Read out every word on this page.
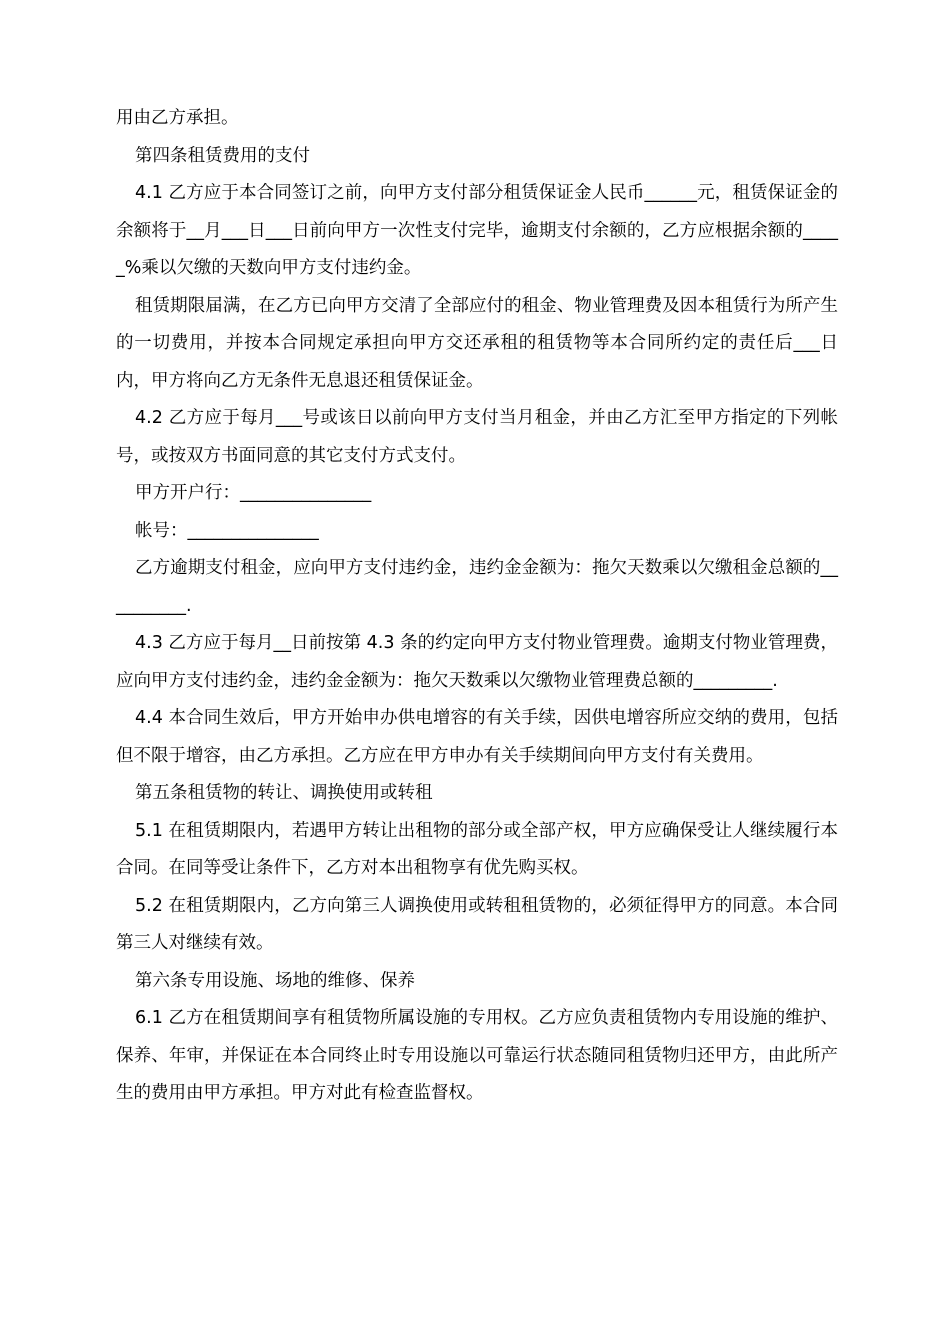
用由乙方承担。

第四条租赁费用的支付

4.1 乙方应于本合同签订之前，向甲方支付部分租赁保证金人民币______元，租赁保证金的余额将于__月___日___日前向甲方一次性支付完毕，逾期支付余额的，乙方应根据余额的_____%乘以欠缴的天数向甲方支付违约金。

租赁期限届满，在乙方已向甲方交清了全部应付的租金、物业管理费及因本租赁行为所产生的一切费用，并按本合同规定承担向甲方交还承租的租赁物等本合同所约定的责任后___日内，甲方将向乙方无条件无息退还租赁保证金。

4.2 乙方应于每月___号或该日以前向甲方支付当月租金，并由乙方汇至甲方指定的下列帐号，或按双方书面同意的其它支付方式支付。

甲方开户行：_______________

帐号：_______________

乙方逾期支付租金，应向甲方支付违约金，违约金金额为：拖欠天数乘以欠缴租金总额的__________.

4.3 乙方应于每月__日前按第 4.3 条的约定向甲方支付物业管理费。逾期支付物业管理费，应向甲方支付违约金，违约金金额为：拖欠天数乘以欠缴物业管理费总额的_________.

4.4 本合同生效后，甲方开始申办供电增容的有关手续，因供电增容所应交纳的费用，包括但不限于增容，由乙方承担。乙方应在甲方申办有关手续期间向甲方支付有关费用。

第五条租赁物的转让、调换使用或转租

5.1 在租赁期限内，若遇甲方转让出租物的部分或全部产权，甲方应确保受让人继续履行本合同。在同等受让条件下，乙方对本出租物享有优先购买权。

5.2 在租赁期限内，乙方向第三人调换使用或转租租赁物的，必须征得甲方的同意。本合同第三人对继续有效。

第六条专用设施、场地的维修、保养

6.1 乙方在租赁期间享有租赁物所属设施的专用权。乙方应负责租赁物内专用设施的维护、保养、年审，并保证在本合同终止时专用设施以可靠运行状态随同租赁物归还甲方，由此所产生的费用由甲方承担。甲方对此有检查监督权。
